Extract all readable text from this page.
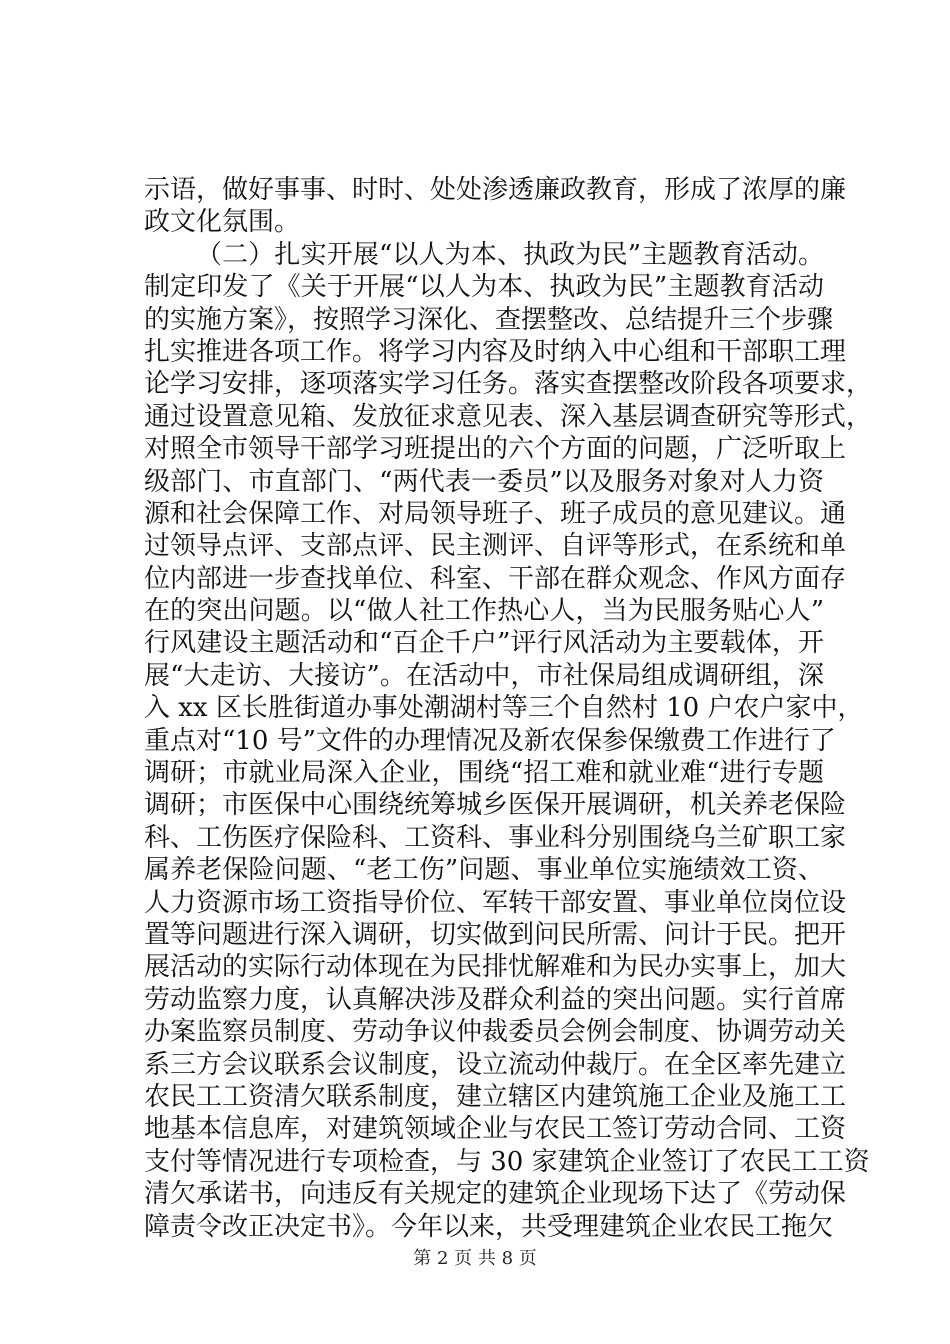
示语，做好事事、时时、处处渗透廉政教育，形成了浓厚的廉
政文化氛围。
（二）扎实开展“以人为本、执政为民”主题教育活动。
制定印发了《关于开展“以人为本、执政为民”主题教育活动
的实施方案》，按照学习深化、查摆整改、总结提升三个步骤
扎实推进各项工作。将学习内容及时纳入中心组和干部职工理
论学习安排，逐项落实学习任务。落实查摆整改阶段各项要求，
通过设置意见箱、发放征求意见表、深入基层调查研究等形式，
对照全市领导干部学习班提出的六个方面的问题，广泛听取上
级部门、市直部门、“两代表一委员”以及服务对象对人力资
源和社会保障工作、对局领导班子、班子成员的意见建议。通
过领导点评、支部点评、民主测评、自评等形式，在系统和单
位内部进一步查找单位、科室、干部在群众观念、作风方面存
在的突出问题。以“做人社工作热心人，当为民服务贴心人”
行风建设主题活动和“百企千户”评行风活动为主要载体，开
展“大走访、大接访”。在活动中，市社保局组成调研组，深
入 xx 区长胜街道办事处潮湖村等三个自然村 10 户农户家中，
重点对“10 号”文件的办理情况及新农保参保缴费工作进行了
调研；市就业局深入企业，围绕“招工难和就业难“进行专题
调研；市医保中心围绕统筹城乡医保开展调研，机关养老保险
科、工伤医疗保险科、工资科、事业科分别围绕乌兰矿职工家
属养老保险问题、“老工伤”问题、事业单位实施绩效工资、
人力资源市场工资指导价位、军转干部安置、事业单位岗位设
置等问题进行深入调研，切实做到问民所需、问计于民。把开
展活动的实际行动体现在为民排忧解难和为民办实事上，加大
劳动监察力度，认真解决涉及群众利益的突出问题。实行首席
办案监察员制度、劳动争议仲裁委员会例会制度、协调劳动关
系三方会议联系会议制度，设立流动仲裁厅。在全区率先建立
农民工工资清欠联系制度，建立辖区内建筑施工企业及施工工
地基本信息库，对建筑领域企业与农民工签订劳动合同、工资
支付等情况进行专项检查，与 30 家建筑企业签订了农民工工资
清欠承诺书，向违反有关规定的建筑企业现场下达了《劳动保
障责令改正决定书》。今年以来，共受理建筑企业农民工拖欠
第 2 页 共 8 页
